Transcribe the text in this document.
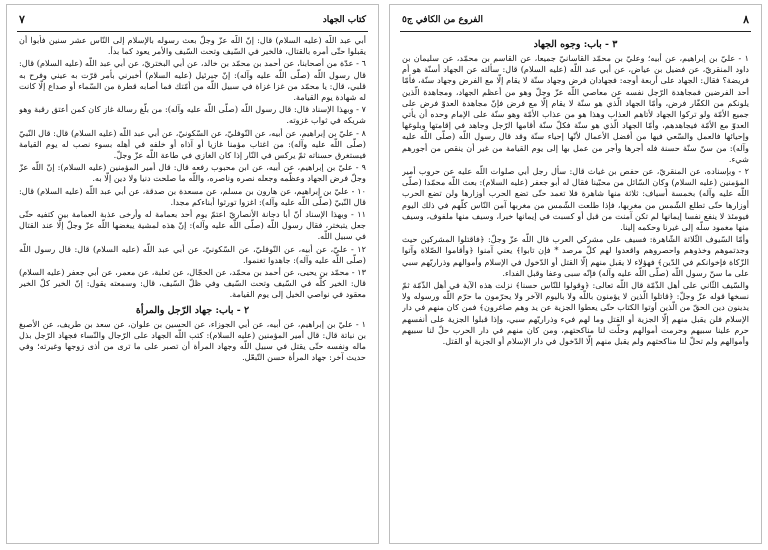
٧	كتاب الجهاد

أبي عبد اللّه (عليه السلام) قال: إنّ اللّه عزّ وجلّ بعث رسوله بالإسلام إلى النّاس عشر سنين فأبوا أن يقبلوا حتّى أمره بالقتال، فالخير في السّيف وتحت السّيف والأمر يعود كما بدأ.

٦ - عدّة من أصحابنا، عن أحمد بن محمّد بن خالد، عن أبي البختريّ، عن أبي عبد اللّه (عليه السلام) قال: قال رسول اللّه (صلّى اللّه عليه وآله): إنّ جبرئيل (عليه السلام) أخبرني بأمر قرّت به عيني وفرح به قلبي، قال: يا محمّد من غزا غزاة في سبيل اللّه من أمّتك فما أصابه قطرة من السّماء أو صداع إلّا كانت له شهادة يوم القيامة.

٧ - وبهذا الإسناد قال: قال رسول اللّه (صلّى اللّه عليه وآله): من بلّغ رسالة غاز كان كمن أعتق رقبة وهو شريكه في ثواب غزوته.

٨ - عليّ بن إبراهيم، عن أبيه، عن النّوفليّ، عن السّكونيّ، عن أبي عبد اللّه (عليه السلام) قال: قال النّبيّ (صلّى اللّه عليه وآله): من اغتاب مؤمنا غازيا أو آذاه أو خلفه في أهله بسوء نصب له يوم القيامة فيستغرق حسناته ثمّ يركس في النّار إذا كان الغازي في طاعة اللّه عزّ وجلّ.

٩ - عليّ بن إبراهيم، عن أبيه، عن ابن محبوب رفعه قال: قال أمير المؤمنين (عليه السلام): إنّ اللّه عزّ وجلّ فرض الجهاد وعظّمه وجعله نصره وناصره، واللّه ما صلحت دنيا ولا دين إلّا به.

١٠ - عليّ بن إبراهيم، عن هارون بن مسلم، عن مسعدة بن صدقة، عن أبي عبد اللّه (عليه السلام) قال: قال النّبيّ (صلّى اللّه عليه وآله): اغزوا تورثوا أبناءكم مجدا.

١١ - وبهذا الإسناد أنّ أبا دجانة الأنصاريّ اعتمّ يوم أحد بعمامة له وأرخى عذبة العمامة بين كتفيه حتّى جعل يتبختر، فقال رسول اللّه (صلّى اللّه عليه وآله): إنّ هذه لمشية يبغضها اللّه عزّ وجلّ إلّا عند القتال في سبيل اللّه.

١٢ - عليّ، عن أبيه، عن النّوفليّ، عن السّكونيّ، عن أبي عبد اللّه (عليه السلام) قال: قال رسول اللّه (صلّى اللّه عليه وآله): جاهدوا تغنموا.

١٣ - محمّد بن يحيى، عن أحمد بن محمّد، عن الحجّال، عن ثعلبة، عن معمر، عن أبي جعفر (عليه السلام) قال: الخير كلّه في السّيف وتحت السّيف وفي ظلّ السّيف، قال: وسمعته يقول: إنّ الخير كلّ الخير معقود في نواصي الخيل إلى يوم القيامة.

٢ - باب: جهاد الرّجل والمرأة

١ - عليّ بن إبراهيم، عن أبيه، عن أبي الجوزاء، عن الحسين بن علوان، عن سعد بن طريف، عن الأصبغ بن نباتة قال: قال أمير المؤمنين (عليه السلام): كتب اللّه الجهاد على الرّجال والنّساء فجهاد الرّجل بذل ماله ونفسه حتّى يقتل في سبيل اللّه وجهاد المرأة أن تصبر على ما ترى من أذى زوجها وغيرته؛ وفي حديث آخر: جهاد المرأة حسن التّبعّل.

الفروع من الكافي ج٥	٨
٣ - باب: وجوه الجهاد

١ - عليّ بن إبراهيم، عن أبيه؛ وعليّ بن محمّد القاسانيّ جميعا، عن القاسم بن محمّد، عن سليمان بن داود المنقريّ، عن فضيل بن عياض، عن أبي عبد اللّه (عليه السلام) قال: سألته عن الجهاد أسنّة هو أم فريضة؟ فقال: الجهاد على أربعة أوجه: فجهادان فرض وجهاد سنّة لا يقام إلّا مع الفرض وجهاد سنّة، فأمّا أحد الفرضين فمجاهدة الرّجل نفسه عن معاصي اللّه عزّ وجلّ وهو من أعظم الجهاد، ومجاهدة الّذين يلونكم من الكفّار فرض، وأمّا الجهاد الّذي هو سنّة لا يقام إلّا مع فرض فإنّ مجاهدة العدوّ فرض على جميع الأمّة ولو تركوا الجهاد لأتاهم العذاب وهذا هو من عذاب الأمّة وهو سنّة على الإمام وحده أن يأتي العدوّ مع الأمّة فيجاهدهم، وأمّا الجهاد الّذي هو سنّة فكلّ سنّة أقامها الرّجل وجاهد في إقامتها وبلوغها وإحيائها فالعمل والسّعي فيها من أفضل الأعمال لأنّها إحياء سنّة وقد قال رسول اللّه (صلّى اللّه عليه وآله): من سنّ سنّة حسنة فله أجرها وأجر من عمل بها إلى يوم القيامة من غير أن ينقص من أجورهم شيء.

٢ - وبإسناده، عن المنقريّ، عن حفص بن غياث قال: سأل رجل أبي صلوات اللّه عليه عن حروب أمير المؤمنين (عليه السلام) وكان السّائل من محبّينا فقال له أبو جعفر (عليه السلام): بعث اللّه محمّدا (صلّى اللّه عليه وآله) بخمسة أسياف: ثلاثة منها شاهرة فلا تغمد حتّى تضع الحرب أوزارها ولن تضع الحرب أوزارها حتّى تطلع الشّمس من مغربها، فإذا طلعت الشّمس من مغربها آمن النّاس كلّهم في ذلك اليوم فيومئذ لا ينفع نفسا إيمانها لم تكن آمنت من قبل أو كسبت في إيمانها خيرا، وسيف منها ملفوف، وسيف منها مغمود سلّه إلى غيرنا وحكمه إلينا.

وأمّا السّيوف الثّلاثة الشّاهرة: فسيف على مشركي العرب قال اللّه عزّ وجلّ: ﴿فاقتلوا المشركين حيث وجدتموهم وخذوهم واحصروهم واقعدوا لهم كلّ مرصد * فإن تابوا﴾ يعني آمنوا ﴿وأقاموا الصّلاة وآتوا الزّكاة فإخوانكم في الدّين﴾ فهؤلاء لا يقبل منهم إلّا القتل أو الدّخول في الإسلام وأموالهم وذراريّهم سبي على ما سنّ رسول اللّه (صلّى اللّه عليه وآله) فإنّه سبى وعفا وقبل الفداء.

والسّيف الثّاني على أهل الذّمّة قال اللّه تعالى: ﴿وقولوا للنّاس حسنا﴾ نزلت هذه الآية في أهل الذّمّة ثمّ نسخها قوله عزّ وجلّ: ﴿قاتلوا الّذين لا يؤمنون باللّه ولا باليوم الآخر ولا يحرّمون ما حرّم اللّه ورسوله ولا يدينون دين الحقّ من الّذين أوتوا الكتاب حتّى يعطوا الجزية عن يد وهم صاغرون﴾ فمن كان منهم في دار الإسلام فلن يقبل منهم إلّا الجزية أو القتل وما لهم فيء وذراريّهم سبي، وإذا قبلوا الجزية على أنفسهم حرم علينا سبيهم وحرمت أموالهم وحلّت لنا مناكحتهم، ومن كان منهم في دار الحرب حلّ لنا سبيهم وأموالهم ولم تحلّ لنا مناكحتهم ولم يقبل منهم إلّا الدّخول في دار الإسلام أو الجزية أو القتل.
